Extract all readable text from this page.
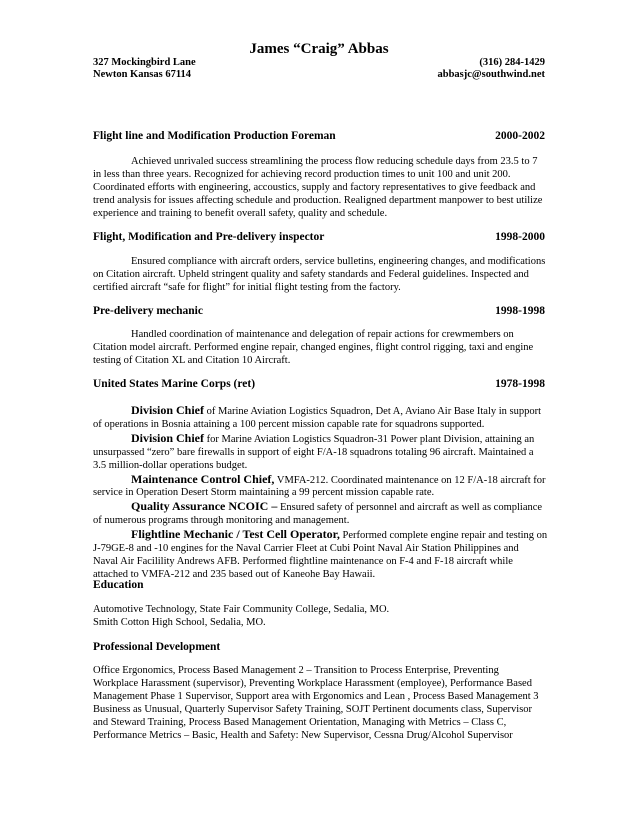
James “Craig” Abbas
327 Mockingbird Lane	(316) 284-1429
Newton Kansas 67114	abbasjc@southwind.net
Flight line and Modification Production Foreman	2000-2002
Achieved unrivaled success streamlining the process flow reducing schedule days from 23.5 to 7
in less than three years. Recognized for achieving record production times to unit 100 and unit 200.
Coordinated efforts with engineering, accoustics, supply and factory representatives to give feedback and
trend analysis for issues affecting schedule and production. Realigned department manpower to best utilize
experience and training to benefit overall safety, quality and schedule.
Flight, Modification and Pre-delivery inspector	1998-2000
Ensured compliance with aircraft orders, service bulletins, engineering changes, and modifications
on Citation aircraft. Upheld stringent quality and safety standards and Federal guidelines. Inspected and
certified aircraft “safe for flight” for initial flight testing from the factory.
Pre-delivery mechanic	1998-1998
Handled coordination of maintenance and delegation of repair actions for crewmembers on
Citation model aircraft. Performed engine repair, changed engines, flight control rigging, taxi and engine
testing of Citation XL and Citation 10 Aircraft.
United States Marine Corps (ret)	1978-1998
Division Chief of Marine Aviation Logistics Squadron, Det A, Aviano Air Base Italy in support
of operations in Bosnia attaining a 100 percent mission capable rate for squadrons supported.
Division Chief for Marine Aviation Logistics Squadron-31 Power plant Division, attaining an
unsurpassed “zero” bare firewalls in support of eight F/A-18 squadrons totaling 96 aircraft. Maintained a
3.5 million-dollar operations budget.
Maintenance Control Chief, VMFA-212. Coordinated maintenance on 12 F/A-18 aircraft for
service in Operation Desert Storm maintaining a 99 percent mission capable rate.
Quality Assurance NCOIC – Ensured safety of personnel and aircraft as well as compliance
of numerous programs through monitoring and management.
Flightline Mechanic / Test Cell Operator, Performed complete engine repair and testing on
J-79GE-8 and -10 engines for the Naval Carrier Fleet at Cubi Point Naval Air Station Philippines and
Naval Air Facilility Andrews AFB. Performed flightline maintenance on F-4 and F-18 aircraft while
attached to VMFA-212 and 235 based out of Kaneohe Bay Hawaii.
Education
Automotive Technology, State Fair Community College, Sedalia, MO.
Smith Cotton High School, Sedalia, MO.
Professional Development
Office Ergonomics, Process Based Management 2 – Transition to Process Enterprise, Preventing
Workplace Harassment (supervisor), Preventing Workplace Harassment (employee), Performance Based
Management Phase 1 Supervisor, Support area with Ergonomics and Lean , Process Based Management 3
Business as Unusual, Quarterly Supervisor Safety Training, SOJT Pertinent documents class, Supervisor
and Steward Training, Process Based Management Orientation, Managing with Metrics – Class C,
Performance Metrics – Basic, Health and Safety: New Supervisor, Cessna Drug/Alcohol Supervisor
